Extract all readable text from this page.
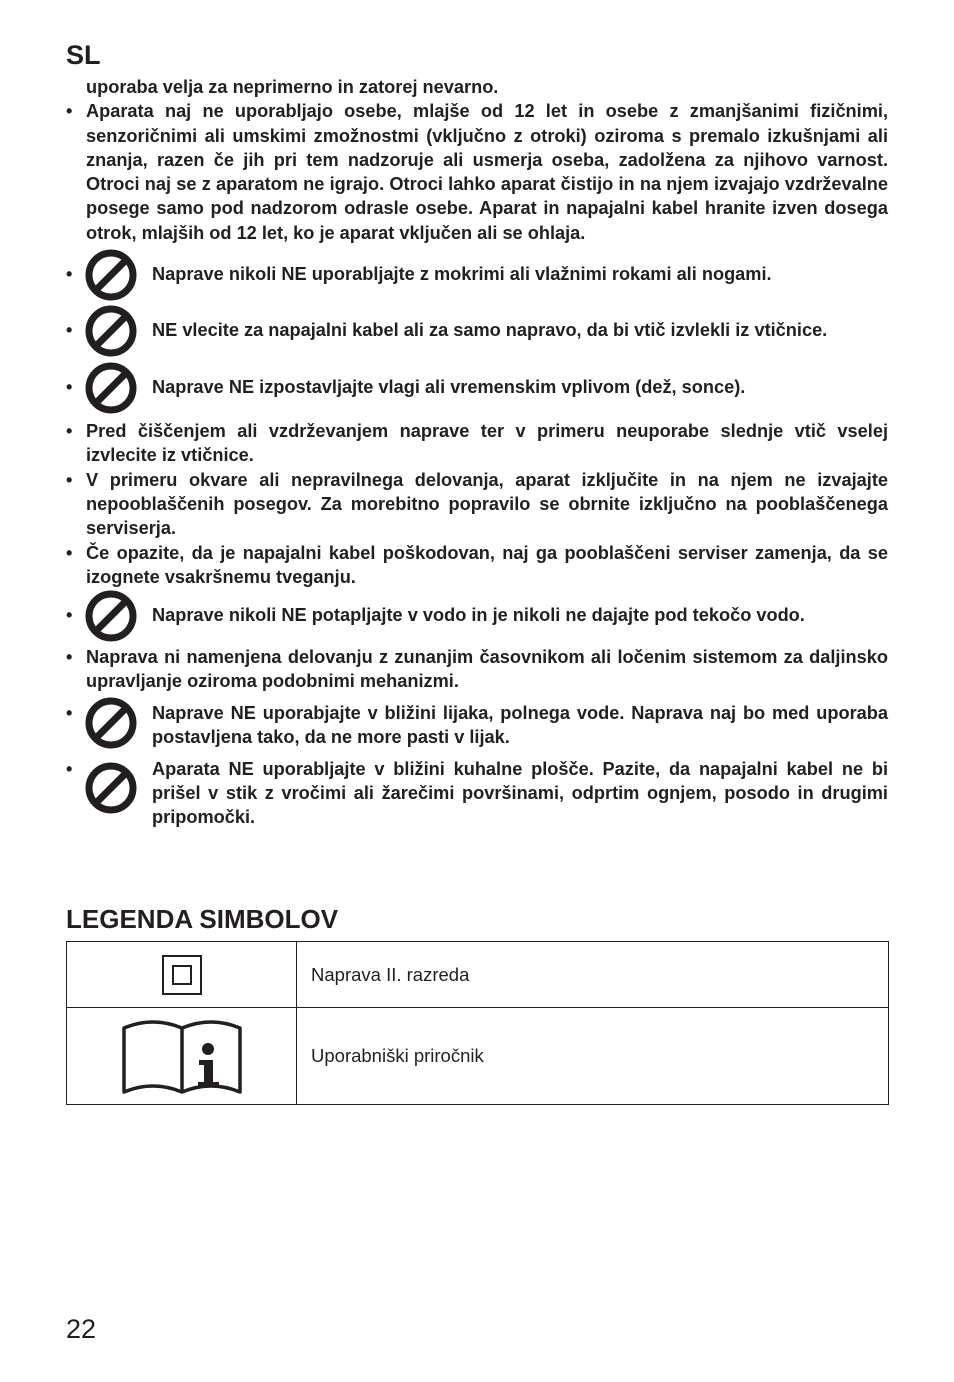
SL
uporaba velja za neprimerno in zatorej nevarno.
• Aparata naj ne uporabljajo osebe, mlajše od 12 let in osebe z zmanjšanimi fizičnimi, senzoričnimi ali umskimi zmožnostmi (vključno z otroki) oziroma s premalo izkušnjami ali znanja, razen če jih pri tem nadzoruje ali usmerja oseba, zadolžena za njihovo varnost. Otroci naj se z aparatom ne igrajo. Otroci lahko aparat čistijo in na njem izvajajo vzdrževalne posege samo pod nadzorom odrasle osebe. Aparat in napajalni kabel hranite izven dosega otrok, mlajših od 12 let, ko je aparat vključen ali se ohlaja.
•	Naprave nikoli NE uporabljajte z mokrimi ali vlažnimi rokami ali nogami.
•	NE vlecite za napajalni kabel ali za samo napravo, da bi vtič izvlekli iz vtičnice.
•	Naprave NE izpostavljajte vlagi ali vremenskim vplivom (dež, sonce).
• Pred čiščenjem ali vzdrževanjem naprave ter v primeru neuporabe slednje vtič vselej izvlecite iz vtičnice.
• V primeru okvare ali nepravilnega delovanja, aparat izključite in na njem ne izvajajte nepooblaščenih posegov. Za morebitno popravilo se obrnite izključno na pooblaščenega serviserja.
• Če opazite, da je napajalni kabel poškodovan, naj ga pooblaščeni serviser zamenja, da se izognete vsakršnemu tveganju.
•	Naprave nikoli NE potapljajte v vodo in je nikoli ne dajajte pod tekočo vodo.
• Naprava ni namenjena delovanju z zunanjim časovnikom ali ločenim sistemom za daljinsko upravljanje oziroma podobnimi mehanizmi.
•	Naprave NE uporabjajte v bližini lijaka, polnega vode. Naprava naj bo med uporaba postavljena tako, da ne more pasti v lijak.
•	Aparata NE uporabljajte v bližini kuhalne plošče. Pazite, da napajalni kabel ne bi prišel v stik z vročimi ali žarečimi površinami, odprtim ognjem, posodo in drugimi pripomočki.
LEGENDA SIMBOLOV
	Naprava II. razreda

	Uporabniški priročnik
22
